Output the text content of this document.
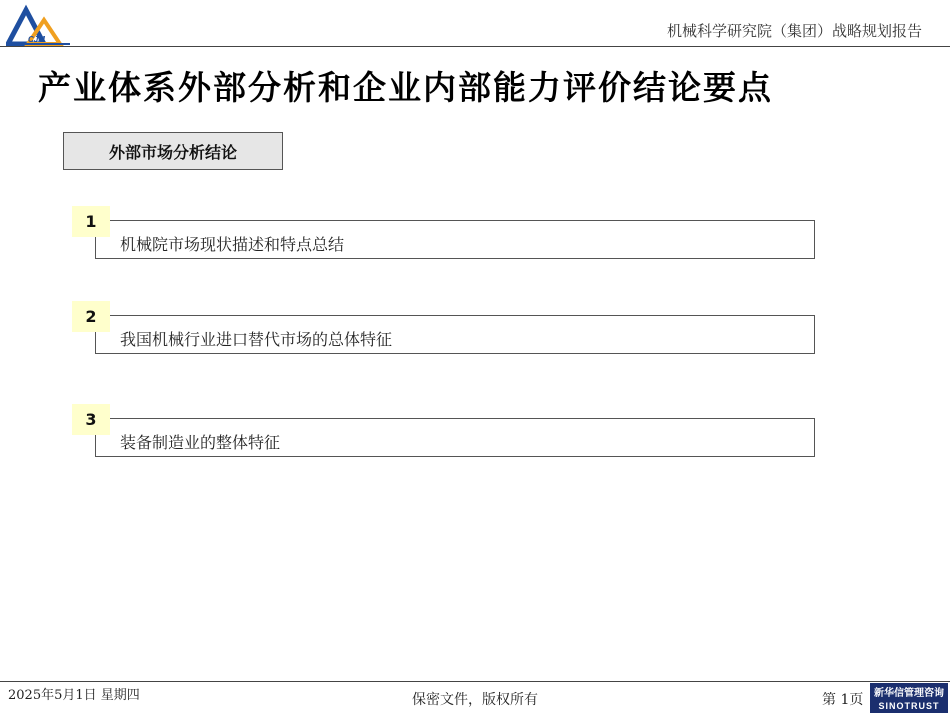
CJM	机械科学研究院（集团）战略规划报告
产业体系外部分析和企业内部能力评价结论要点
外部市场分析结论
机械院市场现状描述和特点总结
1
我国机械行业进口替代市场的总体特征
2
装备制造业的整体特征
3
2025年5月1日 星期四	保密文件，版权所有	第 1页 新华信管理咨询
SINOTRUST
